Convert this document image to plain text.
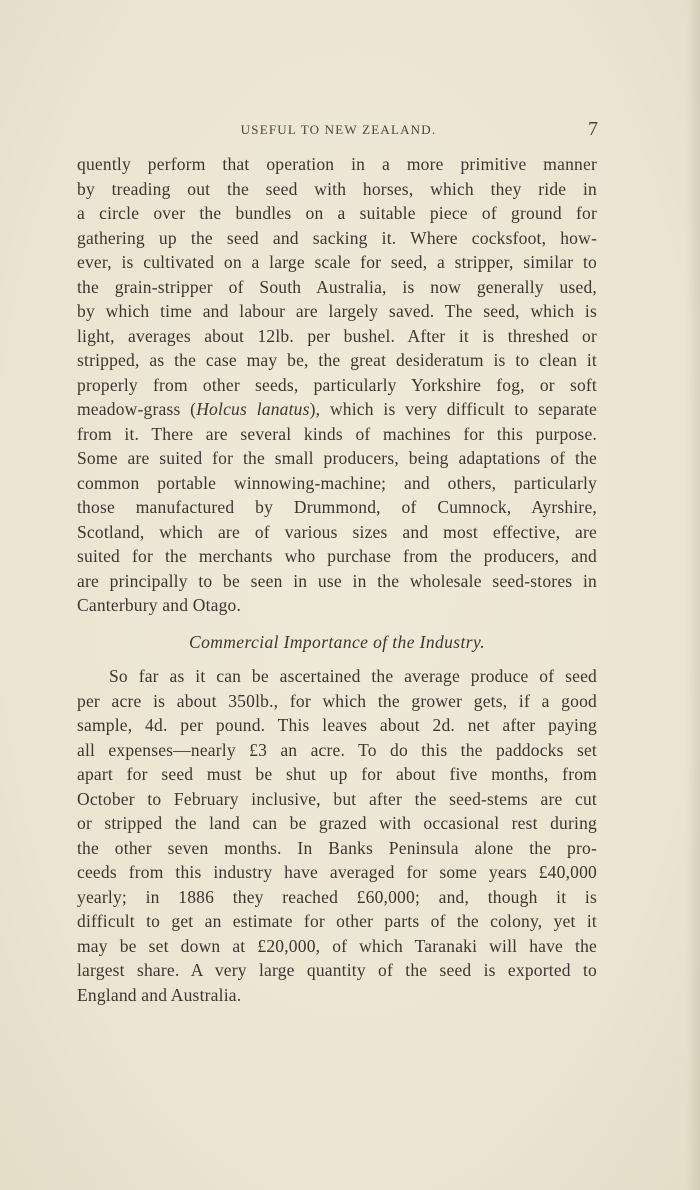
USEFUL TO NEW ZEALAND.	7
quently perform that operation in a more primitive manner
by treading out the seed with horses, which they ride in
a circle over the bundles on a suitable piece of ground for
gathering up the seed and sacking it. Where cocksfoot, how-
ever, is cultivated on a large scale for seed, a stripper, similar to
the grain-stripper of South Australia, is now generally used,
by which time and labour are largely saved. The seed, which is
light, averages about 12lb. per bushel. After it is threshed or
stripped, as the case may be, the great desideratum is to clean it
properly from other seeds, particularly Yorkshire fog, or soft
meadow-grass (Holcus lanatus), which is very difficult to separate
from it. There are several kinds of machines for this purpose.
Some are suited for the small producers, being adaptations of the
common portable winnowing-machine; and others, particularly
those manufactured by Drummond, of Cumnock, Ayrshire,
Scotland, which are of various sizes and most effective, are
suited for the merchants who purchase from the producers, and
are principally to be seen in use in the wholesale seed-stores in
Canterbury and Otago.
Commercial Importance of the Industry.
So far as it can be ascertained the average produce of seed
per acre is about 350lb., for which the grower gets, if a good
sample, 4d. per pound. This leaves about 2d. net after paying
all expenses—nearly £3 an acre. To do this the paddocks set
apart for seed must be shut up for about five months, from
October to February inclusive, but after the seed-stems are cut
or stripped the land can be grazed with occasional rest during
the other seven months. In Banks Peninsula alone the pro-
ceeds from this industry have averaged for some years £40,000
yearly; in 1886 they reached £60,000; and, though it is
difficult to get an estimate for other parts of the colony, yet it
may be set down at £20,000, of which Taranaki will have the
largest share. A very large quantity of the seed is exported to
England and Australia.
